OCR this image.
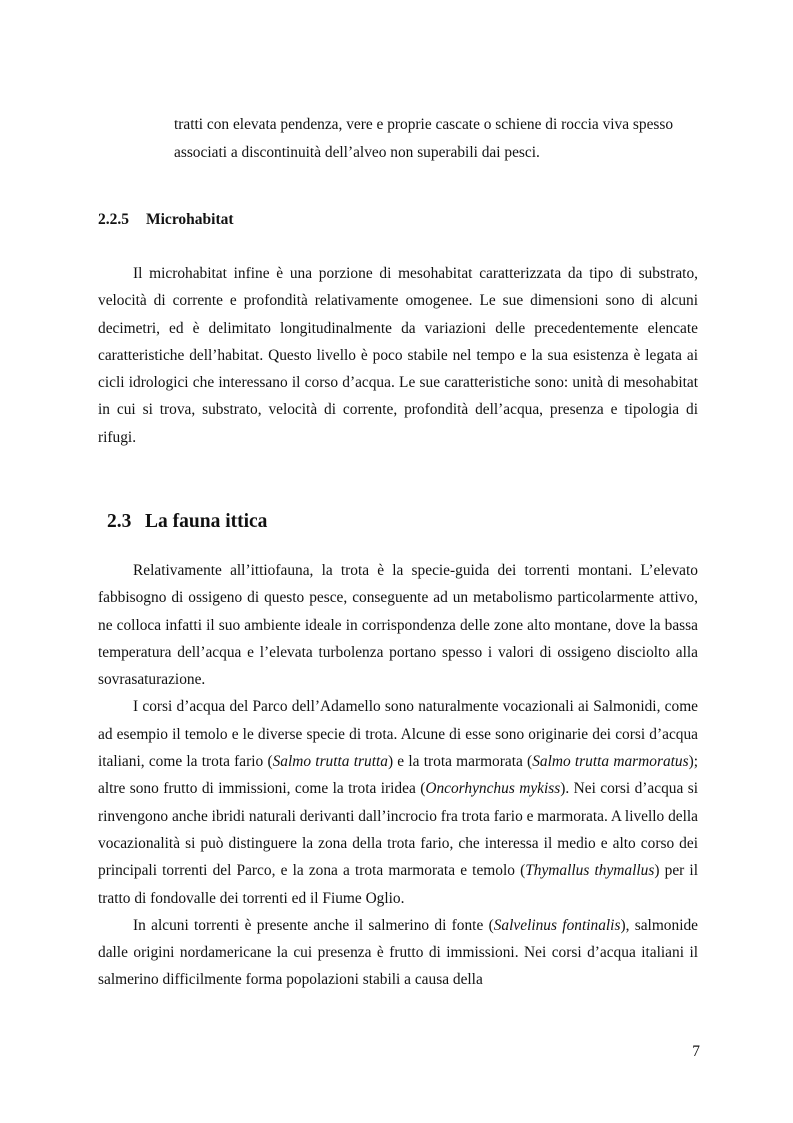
tratti con elevata pendenza, vere e proprie cascate o schiene di roccia viva spesso associati a discontinuità dell’alveo non superabili dai pesci.

2.2.5 Microhabitat

Il microhabitat infine è una porzione di mesohabitat caratterizzata da tipo di substrato, velocità di corrente e profondità relativamente omogenee. Le sue dimensioni sono di alcuni decimetri, ed è delimitato longitudinalmente da variazioni delle precedentemente elencate caratteristiche dell’habitat. Questo livello è poco stabile nel tempo e la sua esistenza è legata ai cicli idrologici che interessano il corso d’acqua. Le sue caratteristiche sono: unità di mesohabitat in cui si trova, substrato, velocità di corrente, profondità dell’acqua, presenza e tipologia di rifugi.

2.3 La fauna ittica

Relativamente all’ittiofauna, la trota è la specie-guida dei torrenti montani. L’elevato fabbisogno di ossigeno di questo pesce, conseguente ad un metabolismo particolarmente attivo, ne colloca infatti il suo ambiente ideale in corrispondenza delle zone alto montane, dove la bassa temperatura dell’acqua e l’elevata turbolenza portano spesso i valori di ossigeno disciolto alla sovrasaturazione.

I corsi d’acqua del Parco dell’Adamello sono naturalmente vocazionali ai Salmonidi, come ad esempio il temolo e le diverse specie di trota. Alcune di esse sono originarie dei corsi d’acqua italiani, come la trota fario (Salmo trutta trutta) e la trota marmorata (Salmo trutta marmoratus); altre sono frutto di immissioni, come la trota iridea (Oncorhynchus mykiss). Nei corsi d’acqua si rinvengono anche ibridi naturali derivanti dall’incrocio fra trota fario e marmorata. A livello della vocazionalità si può distinguere la zona della trota fario, che interessa il medio e alto corso dei principali torrenti del Parco, e la zona a trota marmorata e temolo (Thymallus thymallus) per il tratto di fondovalle dei torrenti ed il Fiume Oglio.

In alcuni torrenti è presente anche il salmerino di fonte (Salvelinus fontinalis), salmonide dalle origini nordamericane la cui presenza è frutto di immissioni. Nei corsi d’acqua italiani il salmerino difficilmente forma popolazioni stabili a causa della

7
